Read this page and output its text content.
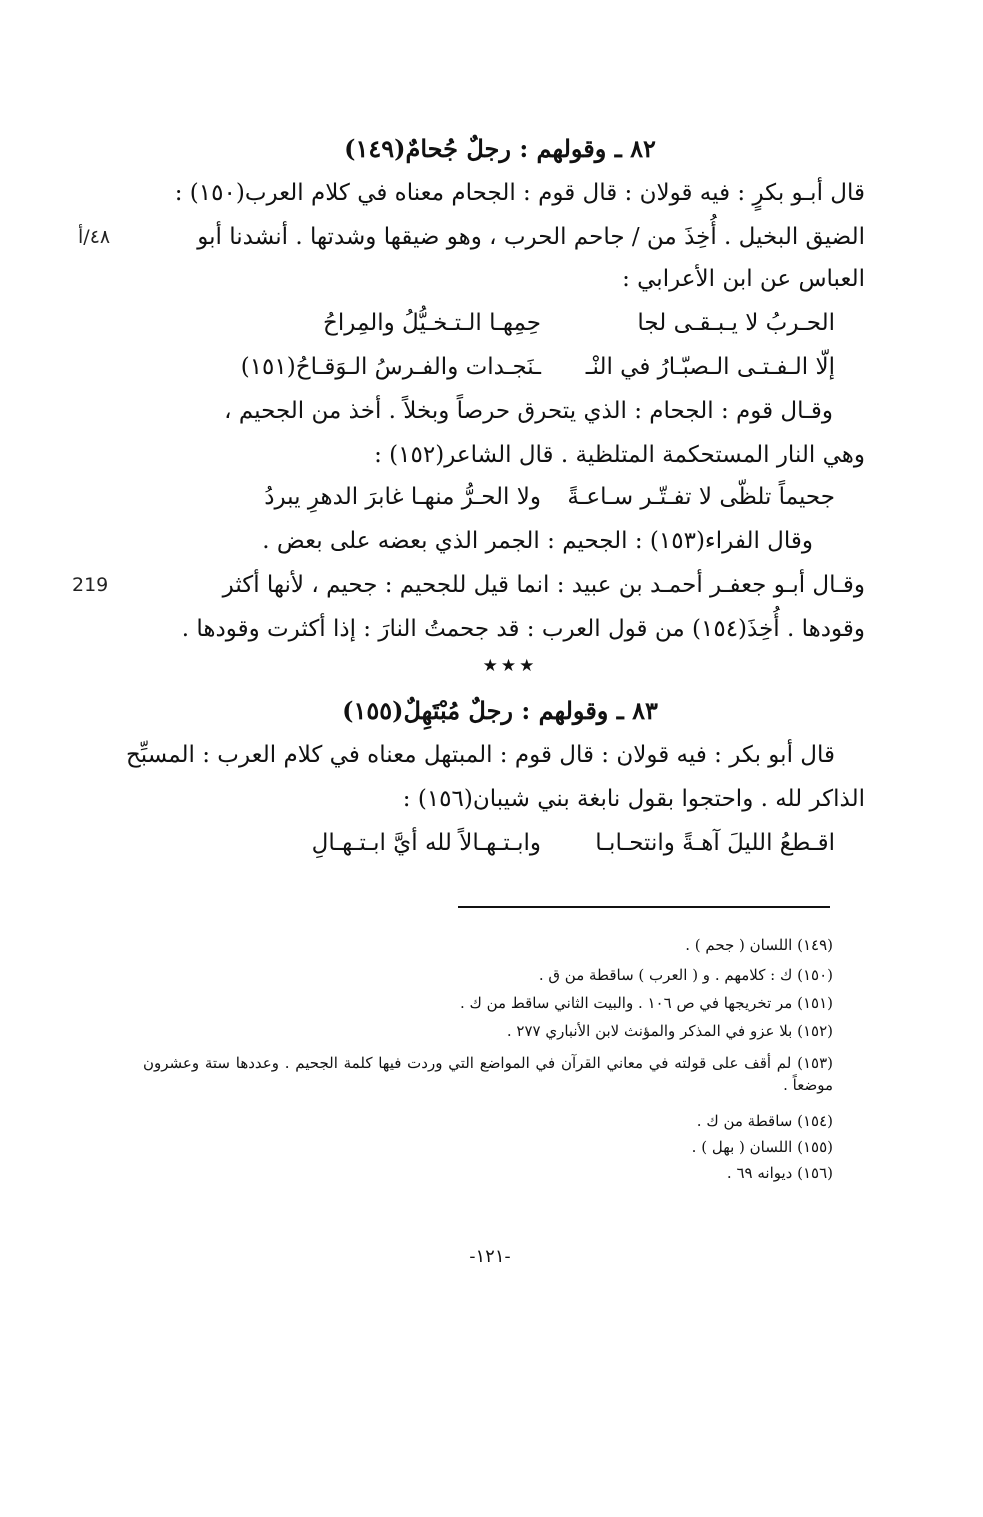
٨٢ ـ وقولهم : رجلٌ جُحامٌ(١٤٩)
قال أبـو بكرٍ : فيه قولان : قال قوم : الجحام معناه في كلام العرب(١٥٠) :
الضيق البخيل . أُخِذَ من / جاحم الحرب ، وهو ضيقها وشدتها . أنشدنا أبو
العباس عن ابن الأعرابي :
الحـربُ لا يـبـقـى لجا
حِمِهـا الـتـخـيُّلُ والمِراحُ
إلّا الـفـتـى الـصبّـارُ في النْـ
ـنَجـدات والفـرسُ الـوَقـاحُ(١٥١)
وقـال قوم : الجحام : الذي يتحرق حرصاً وبخلاً . أخذ من الجحيم ،
وهي النار المستحكمة المتلظية . قال الشاعر(١٥٢) :
جحيماً تلظّى لا تفـتّـر سـاعـةً
ولا الحـرُّ منهـا غابرَ الدهرِ يبردُ
وقال الفراء(١٥٣) : الجحيم : الجمر الذي بعضه على بعض .
وقـال أبـو جعفـر أحمـد بن عبيد : انما قيل للجحيم : جحيم ، لأنها أكثر
وقودها . أُخِذَ(١٥٤) من قول العرب : قد جحمتُ النارَ : إذا أكثرت وقودها .
٤٨/أ
219
★★★
٨٣ ـ وقولهم : رجلٌ مُبْتَهِلٌ(١٥٥)
قال أبو بكر : فيه قولان : قال قوم : المبتهل معناه في كلام العرب : المسبِّح
الذاكر لله . واحتجوا بقول نابغة بني شيبان(١٥٦) :
اقـطعُ الليلَ آهـةً وانتحـابـا
وابـتـهـالاً لله أيَّ ابـتـهـالِ
(١٤٩) اللسان ( جحم ) .
(١٥٠) ك : كلامهم . و ( العرب ) ساقطة من ق .
(١٥١) مر تخريجها في ص ١٠٦ . والبيت الثاني ساقط من ك .
(١٥٢) بلا عزو في المذكر والمؤنث لابن الأنباري ٢٧٧ .
(١٥٣) لم أقف على قولته في معاني القرآن في المواضع التي وردت فيها كلمة الجحيم . وعددها ستة وعشرون موضعاً .
(١٥٤) ساقطة من ك .
(١٥٥) اللسان ( بهل ) .
(١٥٦) ديوانه ٦٩ .
-١٢١-
